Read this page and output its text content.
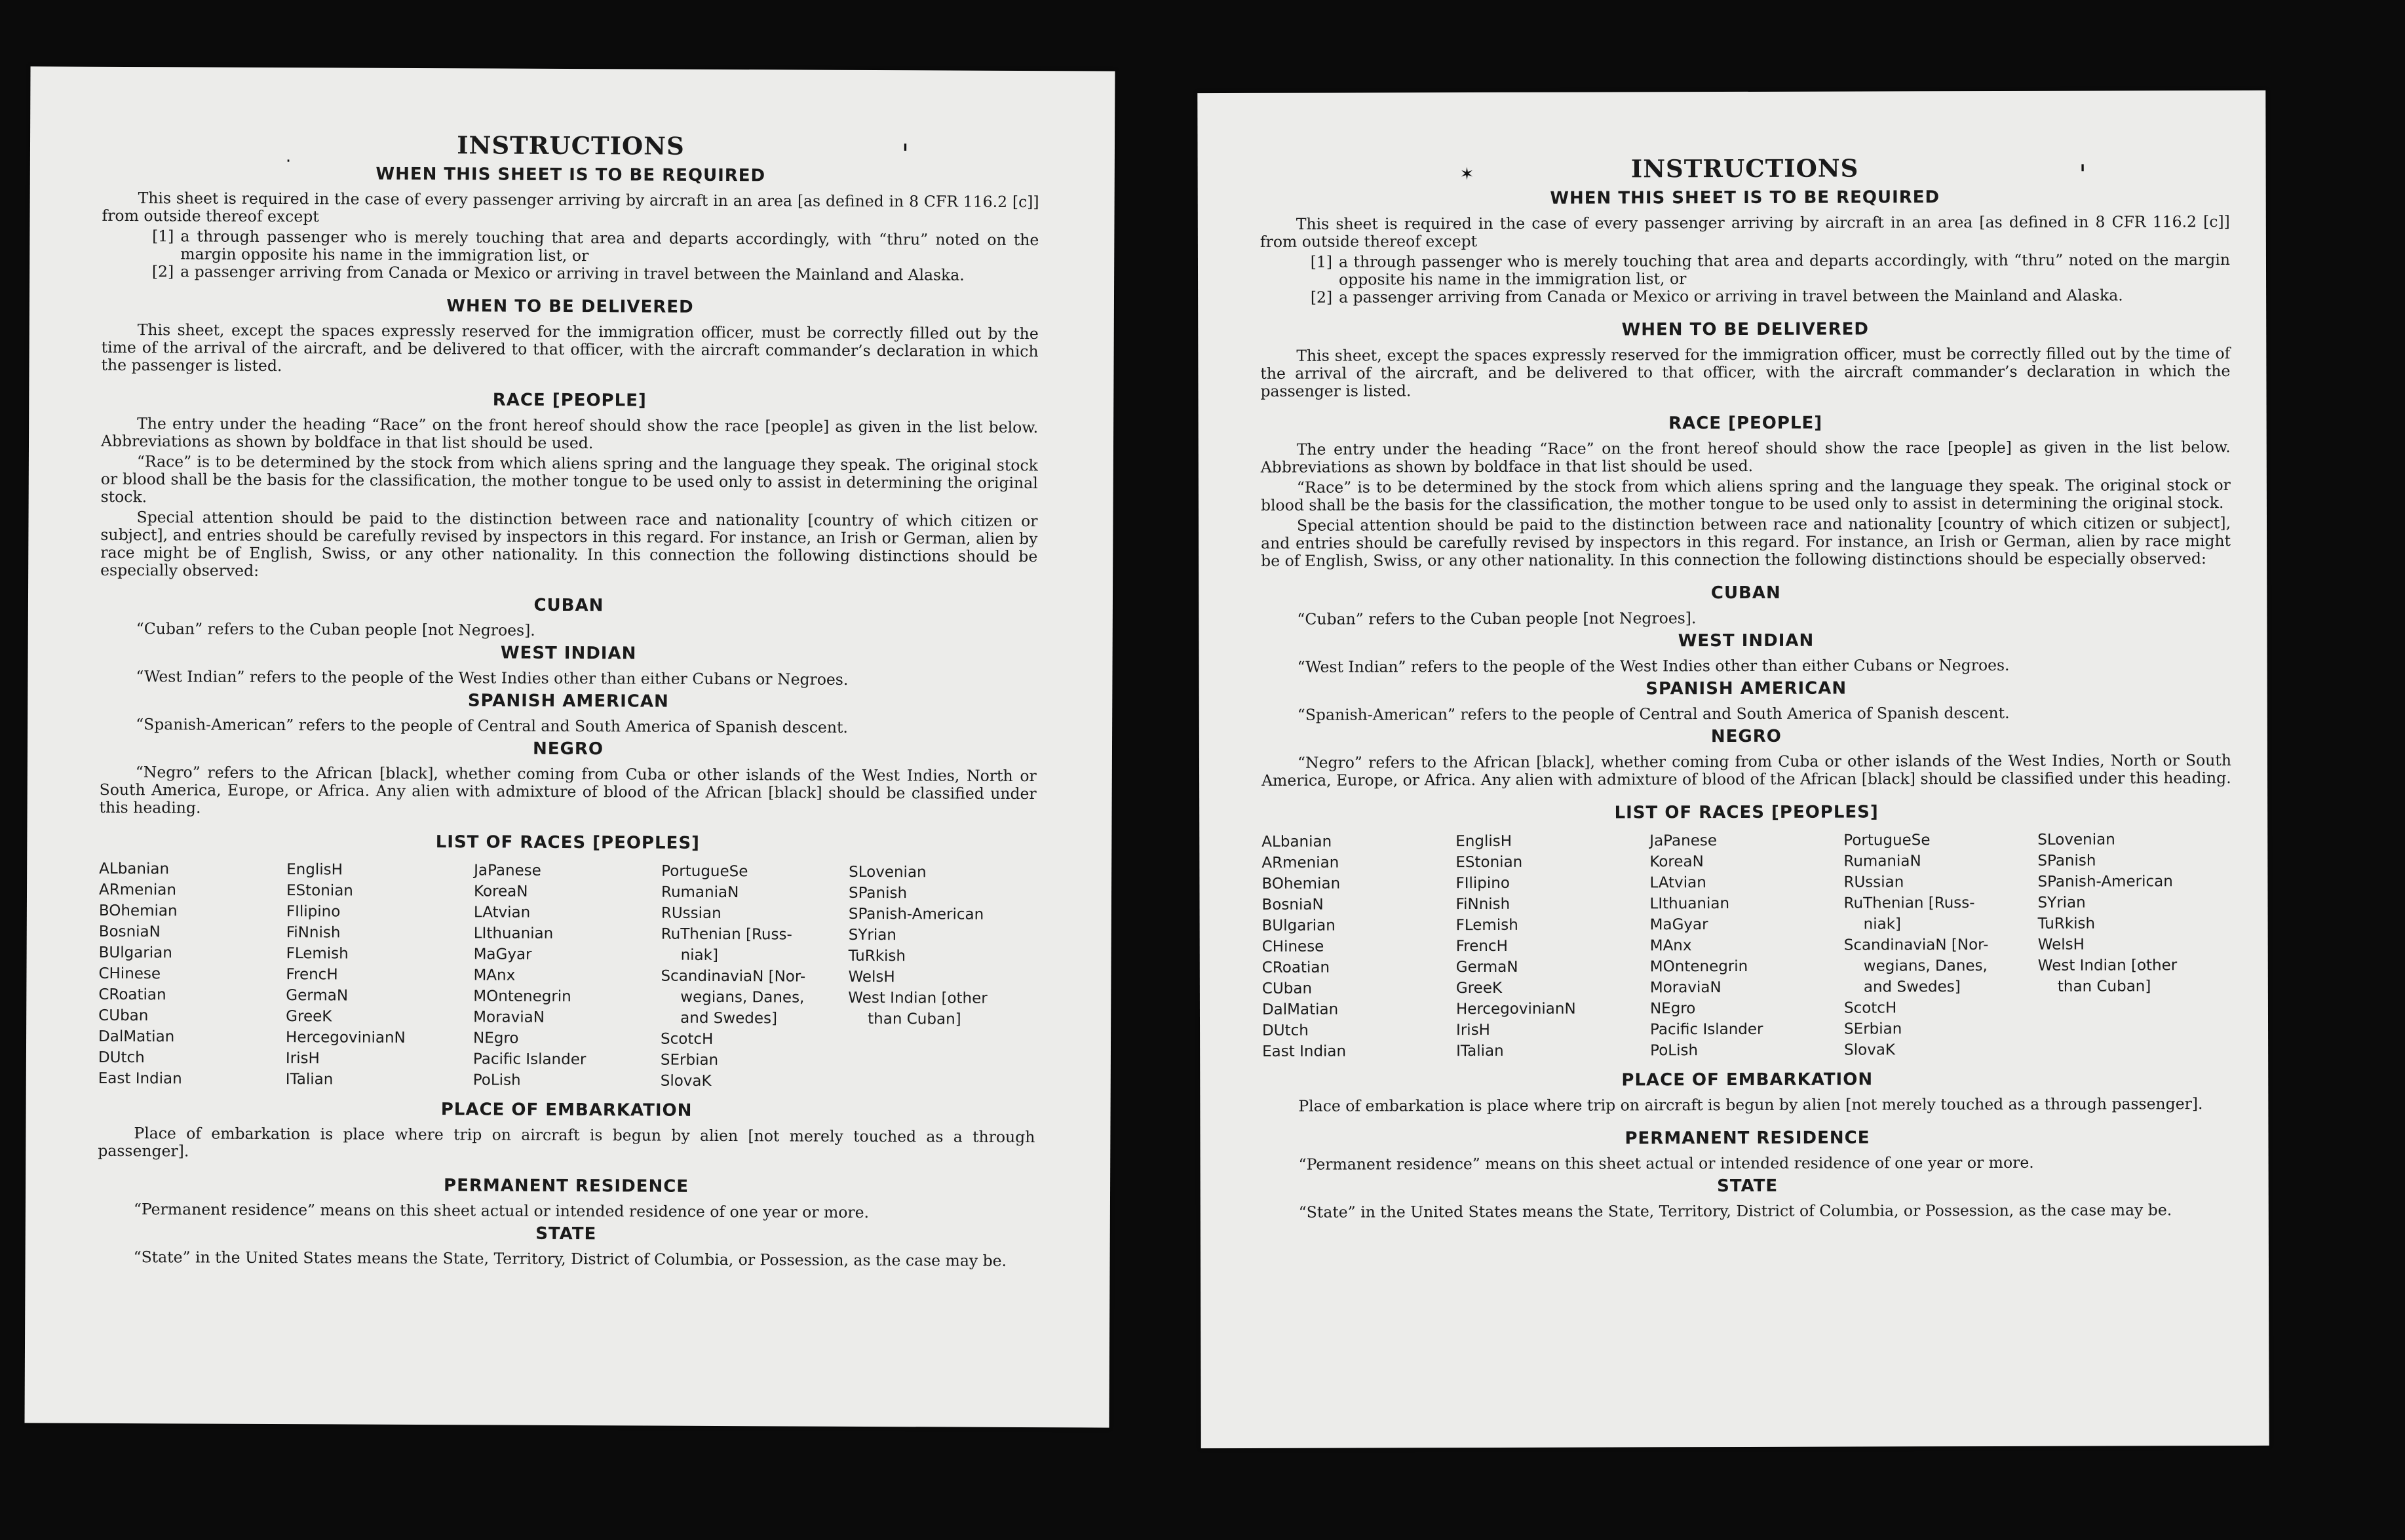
·	'
INSTRUCTIONS
WHEN THIS SHEET IS TO BE REQUIRED

This sheet is required in the case of every passenger arriving by aircraft in an area [as defined in 8 CFR 116.2 [c]] from outside thereof except

[1] a through passenger who is merely touching that area and departs accordingly, with “thru” noted on the margin opposite his name in the immigration list, or
[2] a passenger arriving from Canada or Mexico or arriving in travel between the Mainland and Alaska.
WHEN TO BE DELIVERED

This sheet, except the spaces expressly reserved for the immigration officer, must be correctly filled out by the time of the arrival of the aircraft, and be delivered to that officer, with the aircraft commander’s declaration in which the passenger is listed.

RACE [PEOPLE]

The entry under the heading “Race” on the front hereof should show the race [people] as given in the list below. Abbreviations as shown by boldface in that list should be used.

“Race” is to be determined by the stock from which aliens spring and the language they speak. The original stock or blood shall be the basis for the classification, the mother tongue to be used only to assist in determining the original stock.

Special attention should be paid to the distinction between race and nationality [country of which citizen or subject], and entries should be carefully revised by inspectors in this regard. For instance, an Irish or German, alien by race might be of English, Swiss, or any other nationality. In this connection the following distinctions should be especially observed:

CUBAN

“Cuban” refers to the Cuban people [not Negroes].

WEST INDIAN

“West Indian” refers to the people of the West Indies other than either Cubans or Negroes.

SPANISH AMERICAN

“Spanish-American” refers to the people of Central and South America of Spanish descent.

NEGRO

“Negro” refers to the African [black], whether coming from Cuba or other islands of the West Indies, North or South America, Europe, or Africa. Any alien with admixture of blood of the African [black] should be classified under this heading.

LIST OF RACES [PEOPLES]
ALbanian
ARmenian
BOhemian
BosniaN
BUlgarian
CHinese
CRoatian
CUban
DalMatian
DUtch
East Indian
EnglisH
EStonian
FIlipino
FiNnish
FLemish
FrencH
GermaN
GreeK
HercegovinianN
IrisH
ITalian
JaPanese
KoreaN
LAtvian
LIthuanian
MaGyar
MAnx
MOntenegrin
MoraviaN
NEgro
Pacific Islander
PoLish
PortugueSe
RumaniaN
RUssian
RuThenian [Russ-
niak]
ScandinaviaN [Nor-
wegians, Danes,
and Swedes]
ScotcH
SErbian
SlovaK
SLovenian
SPanish
SPanish-American
SYrian
TuRkish
WelsH
West Indian [other
than Cuban]
PLACE OF EMBARKATION

Place of embarkation is place where trip on aircraft is begun by alien [not merely touched as a through passenger].

PERMANENT RESIDENCE

“Permanent residence” means on this sheet actual or intended residence of one year or more.

STATE

“State” in the United States means the State, Territory, District of Columbia, or Possession, as the case may be.

✶	'
INSTRUCTIONS
WHEN THIS SHEET IS TO BE REQUIRED

This sheet is required in the case of every passenger arriving by aircraft in an area [as defined in 8 CFR 116.2 [c]] from outside thereof except

[1] a through passenger who is merely touching that area and departs accordingly, with “thru” noted on the margin opposite his name in the immigration list, or
[2] a passenger arriving from Canada or Mexico or arriving in travel between the Mainland and Alaska.
WHEN TO BE DELIVERED

This sheet, except the spaces expressly reserved for the immigration officer, must be correctly filled out by the time of the arrival of the aircraft, and be delivered to that officer, with the aircraft commander’s declaration in which the passenger is listed.

RACE [PEOPLE]

The entry under the heading “Race” on the front hereof should show the race [people] as given in the list below. Abbreviations as shown by boldface in that list should be used.

“Race” is to be determined by the stock from which aliens spring and the language they speak. The original stock or blood shall be the basis for the classification, the mother tongue to be used only to assist in determining the original stock.

Special attention should be paid to the distinction between race and nationality [country of which citizen or subject], and entries should be carefully revised by inspectors in this regard. For instance, an Irish or German, alien by race might be of English, Swiss, or any other nationality. In this connection the following distinctions should be especially observed:

CUBAN

“Cuban” refers to the Cuban people [not Negroes].

WEST INDIAN

“West Indian” refers to the people of the West Indies other than either Cubans or Negroes.

SPANISH AMERICAN

“Spanish-American” refers to the people of Central and South America of Spanish descent.

NEGRO

“Negro” refers to the African [black], whether coming from Cuba or other islands of the West Indies, North or South America, Europe, or Africa. Any alien with admixture of blood of the African [black] should be classified under this heading.

LIST OF RACES [PEOPLES]
ALbanian
ARmenian
BOhemian
BosniaN
BUlgarian
CHinese
CRoatian
CUban
DalMatian
DUtch
East Indian
EnglisH
EStonian
FIlipino
FiNnish
FLemish
FrencH
GermaN
GreeK
HercegovinianN
IrisH
ITalian
JaPanese
KoreaN
LAtvian
LIthuanian
MaGyar
MAnx
MOntenegrin
MoraviaN
NEgro
Pacific Islander
PoLish
PortugueSe
RumaniaN
RUssian
RuThenian [Russ-
niak]
ScandinaviaN [Nor-
wegians, Danes,
and Swedes]
ScotcH
SErbian
SlovaK
SLovenian
SPanish
SPanish-American
SYrian
TuRkish
WelsH
West Indian [other
than Cuban]
PLACE OF EMBARKATION

Place of embarkation is place where trip on aircraft is begun by alien [not merely touched as a through passenger].

PERMANENT RESIDENCE

“Permanent residence” means on this sheet actual or intended residence of one year or more.

STATE

“State” in the United States means the State, Territory, District of Columbia, or Possession, as the case may be.
